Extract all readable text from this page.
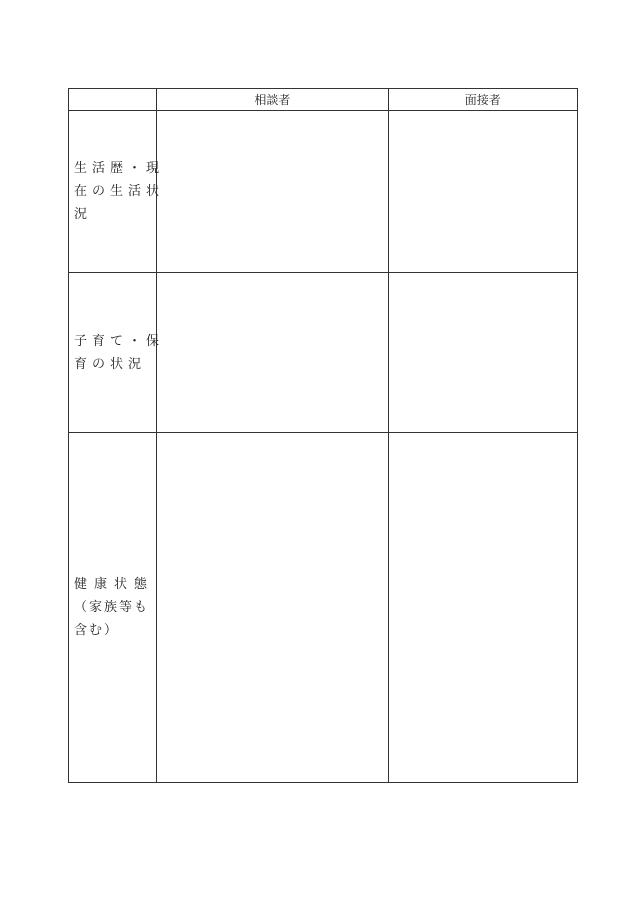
	相談者	面接者

生活歴・現
在の生活状
況		

子育て・保
育の状況		

健康状態
（家族等も
含む）		
